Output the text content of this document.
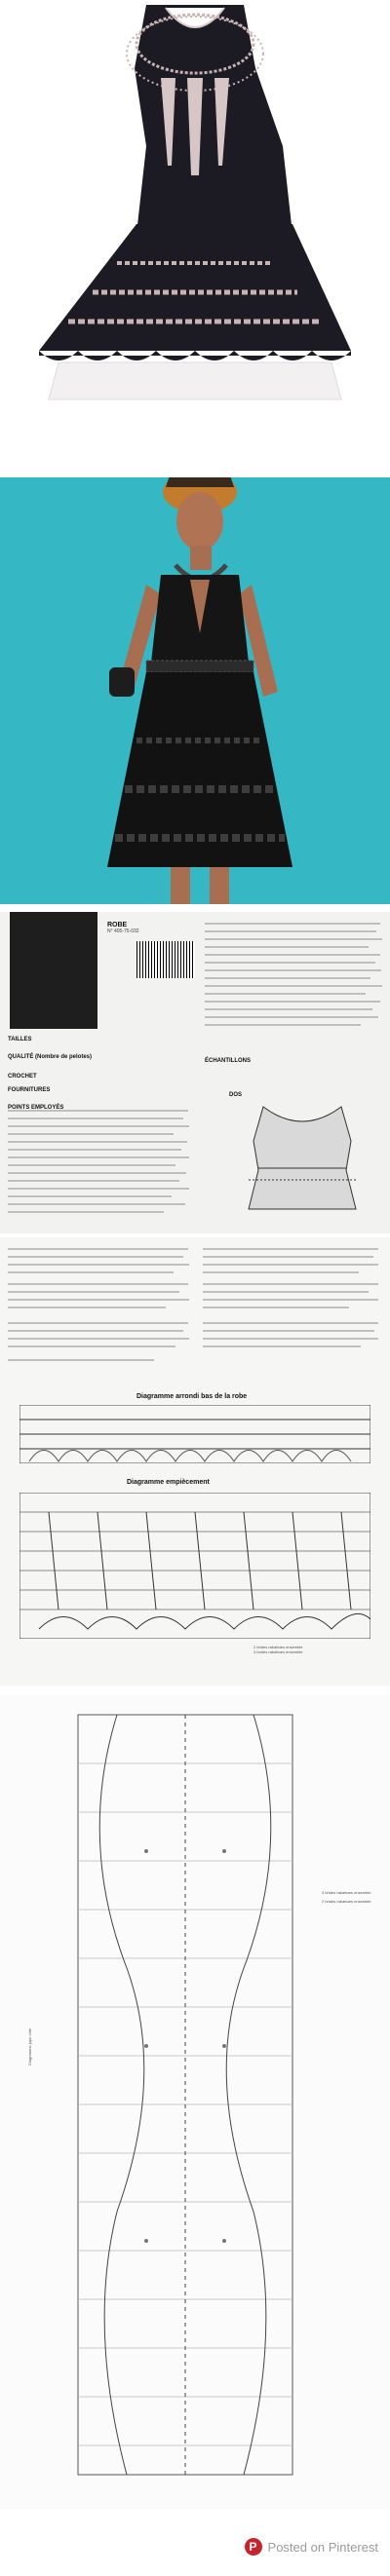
ROBE
N° 405-75-032
TAILLES
QUALITÉ (Nombre de pelotes)
CROCHET
FOURNITURES
POINTS EMPLOYÉS
ÉCHANTILLONS
DOS
Diagramme arrondi bas de la robe
Diagramme empiècement
2 brides rabattues ensemble
3 brides rabattues ensemble
Diagramme jupe côté
3 brides rabattues ensemble
2 brides rabattues ensemble
P Posted on Pinterest
